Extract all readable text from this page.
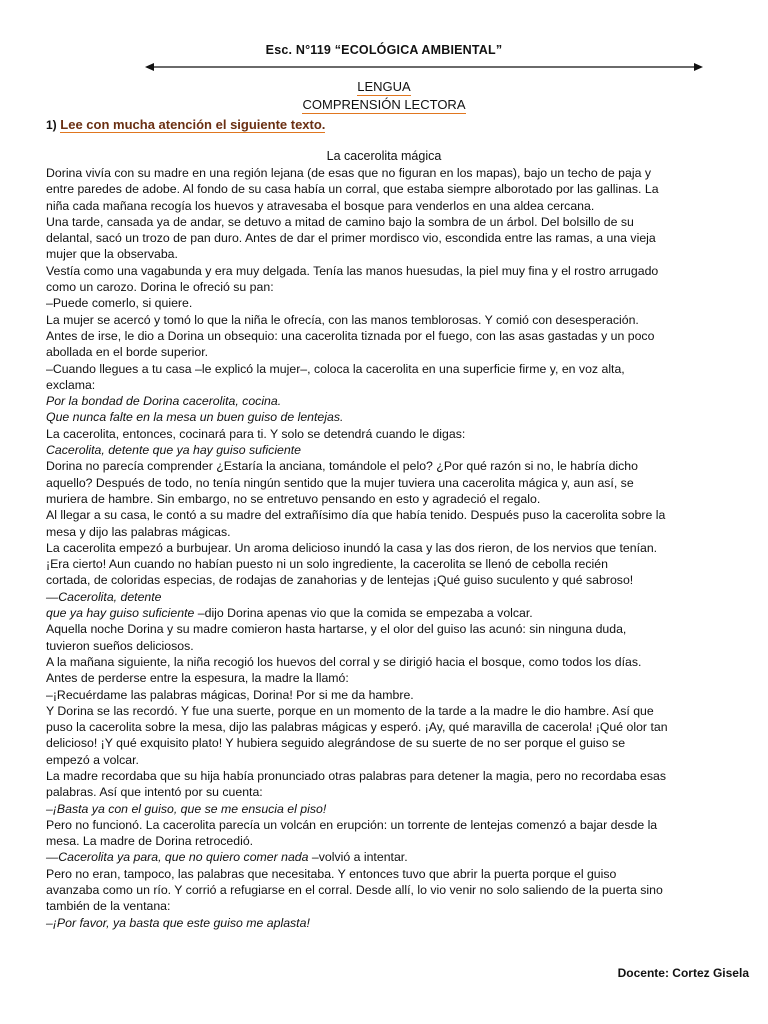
Esc. N°119 “ECOLÓGICA AMBIENTAL”
LENGUA
COMPRENSIÓN LECTORA
1) Lee con mucha atención el siguiente texto.
La cacerolita mágica
Dorina vivía con su madre en una región lejana (de esas que no figuran en los mapas), bajo un techo de paja y
entre paredes de adobe. Al fondo de su casa había un corral, que estaba siempre alborotado por las gallinas. La
niña cada mañana recogía los huevos y atravesaba el bosque para venderlos en una aldea cercana.
Una tarde, cansada ya de andar, se detuvo a mitad de camino bajo la sombra de un árbol. Del bolsillo de su
delantal, sacó un trozo de pan duro. Antes de dar el primer mordisco vio, escondida entre las ramas, a una vieja
mujer que la observaba.
Vestía como una vagabunda y era muy delgada. Tenía las manos huesudas, la piel muy fina y el rostro arrugado
como un carozo. Dorina le ofreció su pan:
–Puede comerlo, si quiere.
La mujer se acercó y tomó lo que la niña le ofrecía, con las manos temblorosas. Y comió con desesperación.
Antes de irse, le dio a Dorina un obsequio: una cacerolita tiznada por el fuego, con las asas gastadas y un poco
abollada en el borde superior.
–Cuando llegues a tu casa –le explicó la mujer–, coloca la cacerolita en una superficie firme y, en voz alta,
exclama:
Por la bondad de Dorina cacerolita, cocina.
Que nunca falte en la mesa un buen guiso de lentejas.
La cacerolita, entonces, cocinará para ti. Y solo se detendrá cuando le digas:
Cacerolita, detente que ya hay guiso suficiente
Dorina no parecía comprender ¿Estaría la anciana, tomándole el pelo? ¿Por qué razón si no, le habría dicho
aquello? Después de todo, no tenía ningún sentido que la mujer tuviera una cacerolita mágica y, aun así, se
muriera de hambre. Sin embargo, no se entretuvo pensando en esto y agradeció el regalo.
Al llegar a su casa, le contó a su madre del extrañísimo día que había tenido. Después puso la cacerolita sobre la
mesa y dijo las palabras mágicas.
La cacerolita empezó a burbujear. Un aroma delicioso inundó la casa y las dos rieron, de los nervios que tenían.
¡Era cierto! Aun cuando no habían puesto ni un solo ingrediente, la cacerolita se llenó de cebolla recién
cortada, de coloridas especias, de rodajas de zanahorias y de lentejas ¡Qué guiso suculento y qué sabroso!
—Cacerolita, detente
que ya hay guiso suficiente –dijo Dorina apenas vio que la comida se empezaba a volcar.
Aquella noche Dorina y su madre comieron hasta hartarse, y el olor del guiso las acunó: sin ninguna duda,
tuvieron sueños deliciosos.
A la mañana siguiente, la niña recogió los huevos del corral y se dirigió hacia el bosque, como todos los días.
Antes de perderse entre la espesura, la madre la llamó:
–¡Recuérdame las palabras mágicas, Dorina! Por si me da hambre.
Y Dorina se las recordó. Y fue una suerte, porque en un momento de la tarde a la madre le dio hambre. Así que
puso la cacerolita sobre la mesa, dijo las palabras mágicas y esperó. ¡Ay, qué maravilla de cacerola! ¡Qué olor tan
delicioso! ¡Y qué exquisito plato! Y hubiera seguido alegrándose de su suerte de no ser porque el guiso se
empezó a volcar.
La madre recordaba que su hija había pronunciado otras palabras para detener la magia, pero no recordaba esas
palabras. Así que intentó por su cuenta:
–¡Basta ya con el guiso, que se me ensucia el piso!
Pero no funcionó. La cacerolita parecía un volcán en erupción: un torrente de lentejas comenzó a bajar desde la
mesa. La madre de Dorina retrocedió.
—Cacerolita ya para, que no quiero comer nada –volvió a intentar.
Pero no eran, tampoco, las palabras que necesitaba. Y entonces tuvo que abrir la puerta porque el guiso
avanzaba como un río. Y corrió a refugiarse en el corral. Desde allí, lo vio venir no solo saliendo de la puerta sino
también de la ventana:
–¡Por favor, ya basta que este guiso me aplasta!
Docente: Cortez Gisela
